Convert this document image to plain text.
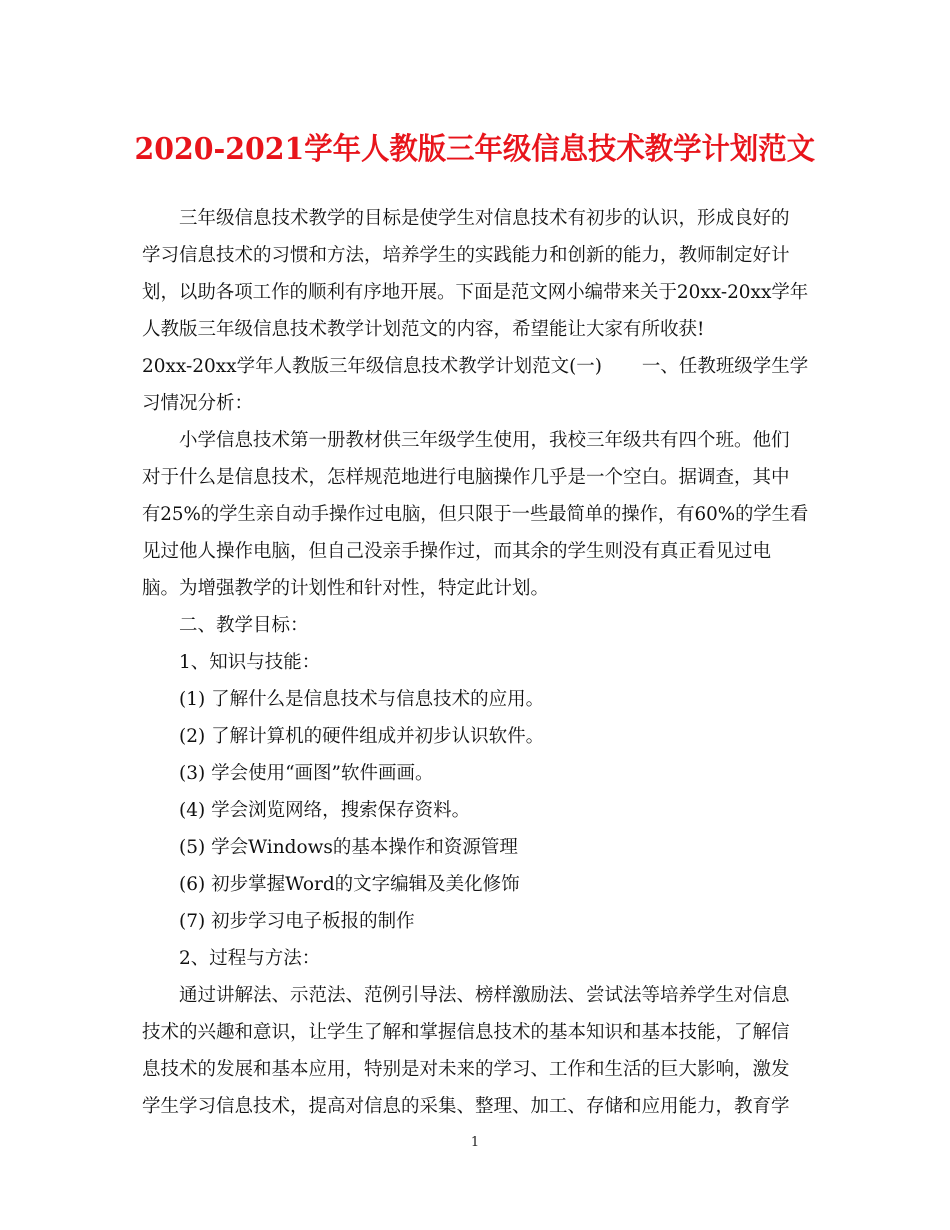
2020-2021学年人教版三年级信息技术教学计划范文
三年级信息技术教学的目标是使学生对信息技术有初步的认识，形成良好的
学习信息技术的习惯和方法，培养学生的实践能力和创新的能力，教师制定好计
划，以助各项工作的顺利有序地开展。下面是范文网小编带来关于20xx-20xx学年
人教版三年级信息技术教学计划范文的内容，希望能让大家有所收获!
20xx-20xx学年人教版三年级信息技术教学计划范文(一) 一、任教班级学生学
习情况分析：
小学信息技术第一册教材供三年级学生使用，我校三年级共有四个班。他们
对于什么是信息技术，怎样规范地进行电脑操作几乎是一个空白。据调查，其中
有25%的学生亲自动手操作过电脑，但只限于一些最简单的操作，有60%的学生看
见过他人操作电脑，但自己没亲手操作过，而其余的学生则没有真正看见过电
脑。为增强教学的计划性和针对性，特定此计划。
二、教学目标：
1、知识与技能：
(1) 了解什么是信息技术与信息技术的应用。
(2) 了解计算机的硬件组成并初步认识软件。
(3) 学会使用“画图”软件画画。
(4) 学会浏览网络，搜索保存资料。
(5) 学会Windows的基本操作和资源管理
(6) 初步掌握Word的文字编辑及美化修饰
(7) 初步学习电子板报的制作
2、过程与方法：
通过讲解法、示范法、范例引导法、榜样激励法、尝试法等培养学生对信息
技术的兴趣和意识，让学生了解和掌握信息技术的基本知识和基本技能，了解信
息技术的发展和基本应用，特别是对未来的学习、工作和生活的巨大影响，激发
学生学习信息技术，提高对信息的采集、整理、加工、存储和应用能力，教育学
1
